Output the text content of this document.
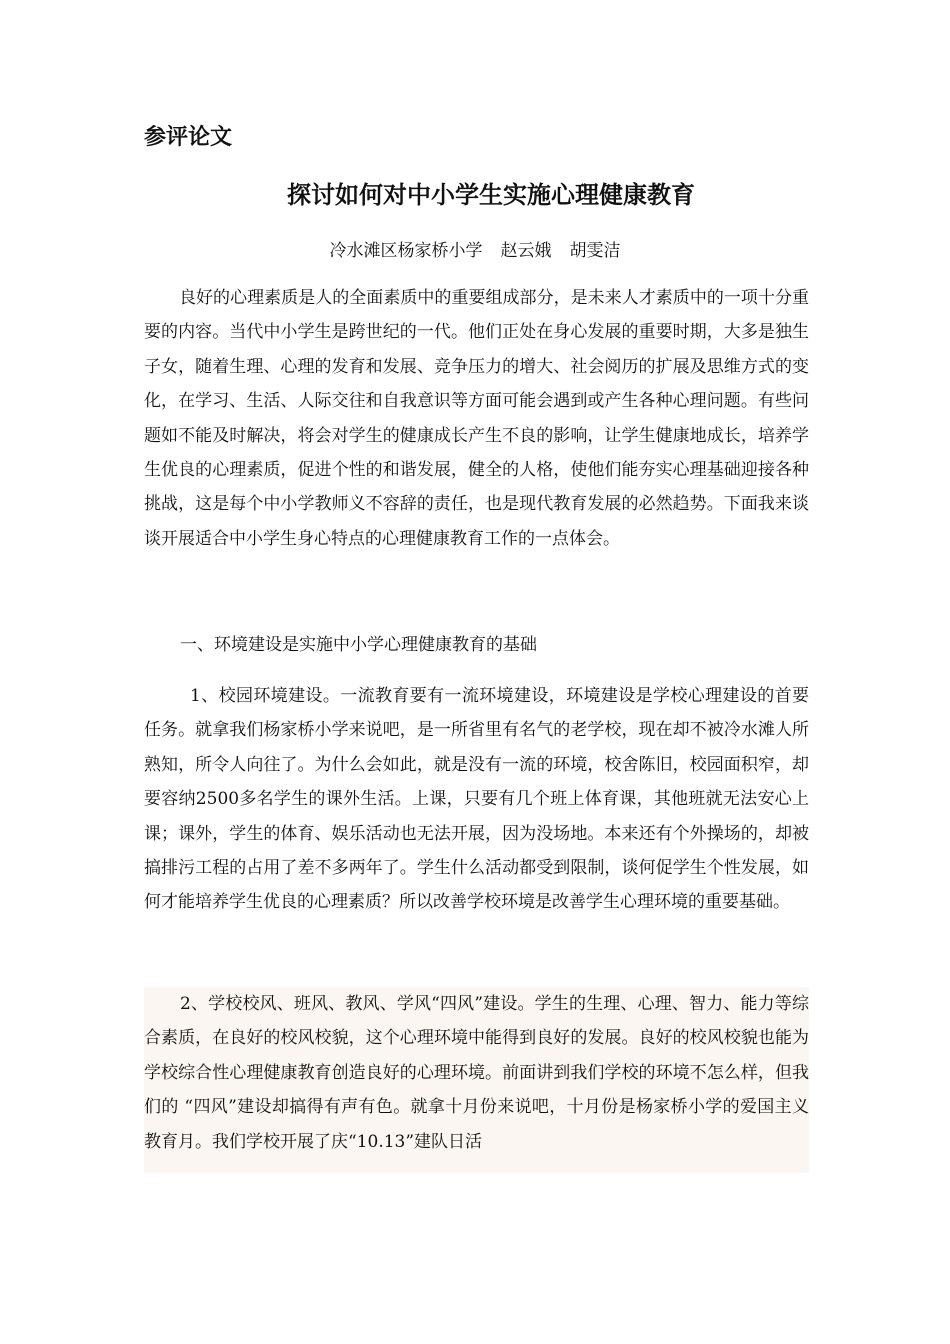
参评论文
探讨如何对中小学生实施心理健康教育
冷水滩区杨家桥小学 赵云娥 胡雯洁

良好的心理素质是人的全面素质中的重要组成部分，是未来人才素质中的一项十分重要的内容。当代中小学生是跨世纪的一代。他们正处在身心发展的重要时期，大多是独生子女，随着生理、心理的发育和发展、竞争压力的增大、社会阅历的扩展及思维方式的变化，在学习、生活、人际交往和自我意识等方面可能会遇到或产生各种心理问题。有些问题如不能及时解决，将会对学生的健康成长产生不良的影响，让学生健康地成长，培养学生优良的心理素质，促进个性的和谐发展，健全的人格，使他们能夯实心理基础迎接各种挑战，这是每个中小学教师义不容辞的责任，也是现代教育发展的必然趋势。下面我来谈谈开展适合中小学生身心特点的心理健康教育工作的一点体会。

一、环境建设是实施中小学心理健康教育的基础

1、校园环境建设。一流教育要有一流环境建设，环境建设是学校心理建设的首要任务。就拿我们杨家桥小学来说吧，是一所省里有名气的老学校，现在却不被冷水滩人所熟知，所令人向往了。为什么会如此，就是没有一流的环境，校舍陈旧，校园面积窄，却要容纳2500多名学生的课外生活。上课，只要有几个班上体育课，其他班就无法安心上课；课外，学生的体育、娱乐活动也无法开展，因为没场地。本来还有个外操场的，却被搞排污工程的占用了差不多两年了。学生什么活动都受到限制，谈何促学生个性发展，如何才能培养学生优良的心理素质？所以改善学校环境是改善学生心理环境的重要基础。

2、学校校风、班风、教风、学风“四风”建设。学生的生理、心理、智力、能力等综合素质，在良好的校风校貌，这个心理环境中能得到良好的发展。良好的校风校貌也能为学校综合性心理健康教育创造良好的心理环境。前面讲到我们学校的环境不怎么样，但我们的 “四风”建设却搞得有声有色。就拿十月份来说吧，十月份是杨家桥小学的爱国主义教育月。我们学校开展了庆“10.13”建队日活
